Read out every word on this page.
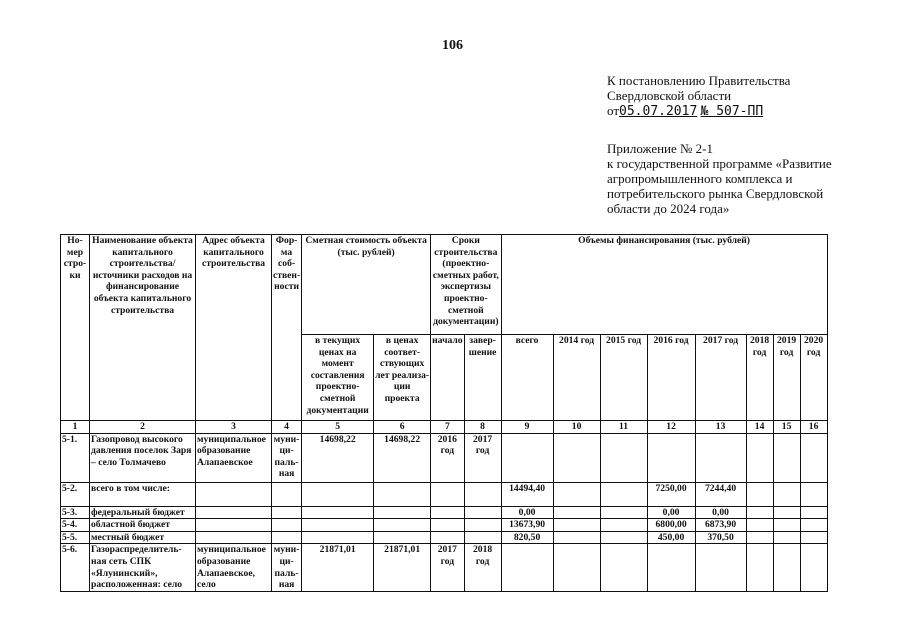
106
К постановлению Правительства
Свердловской области
от05.07.2017 № 507-ПП
Приложение № 2-1
к государственной программе «Развитие
агропромышленного комплекса и
потребительского рынка Свердловской
области до 2024 года»
Но-мер стро-ки	Наименование объекта капитального строительства/ источники расходов на финансирование объекта капитального строительства	Адрес объекта капитального строительства	Фор-ма соб-ствен-ности	Сметная стоимость объекта (тыс. рублей)		Сроки строительства (проектно-сметных работ, экспертизы проектно-сметной документации)		Объемы финансирования (тыс. рублей)							
				в текущих ценах на момент составления проектно-сметной документации	в ценах соответ-ствующих лет реализа-ции проекта	начало	завер-шение	всего	2014 год	2015 год	2016 год	2017 год	2018 год	2019 год	2020 год
1	2	3	4	5	6	7	8	9	10	11	12	13	14	15	16
5-1.	Газопровод высокого давления поселок Заря – село Толмачево	муниципальное образование Алапаевское	муни-ци-паль-ная	14698,22	14698,22	2016 год	2017 год								
5-2.	всего в том числе:							14494,40			7250,00	7244,40			
5-3.	федеральный бюджет							0,00			0,00	0,00			
5-4.	областной бюджет							13673,90			6800,00	6873,90			
5-5.	местный бюджет							820,50			450,00	370,50			
5-6.	Газораспределитель-ная сеть СПК «Ялунинский», расположенная: село	муниципальное образование Алапаевское, село	муни-ци-паль-ная	21871,01	21871,01	2017 год	2018 год								
